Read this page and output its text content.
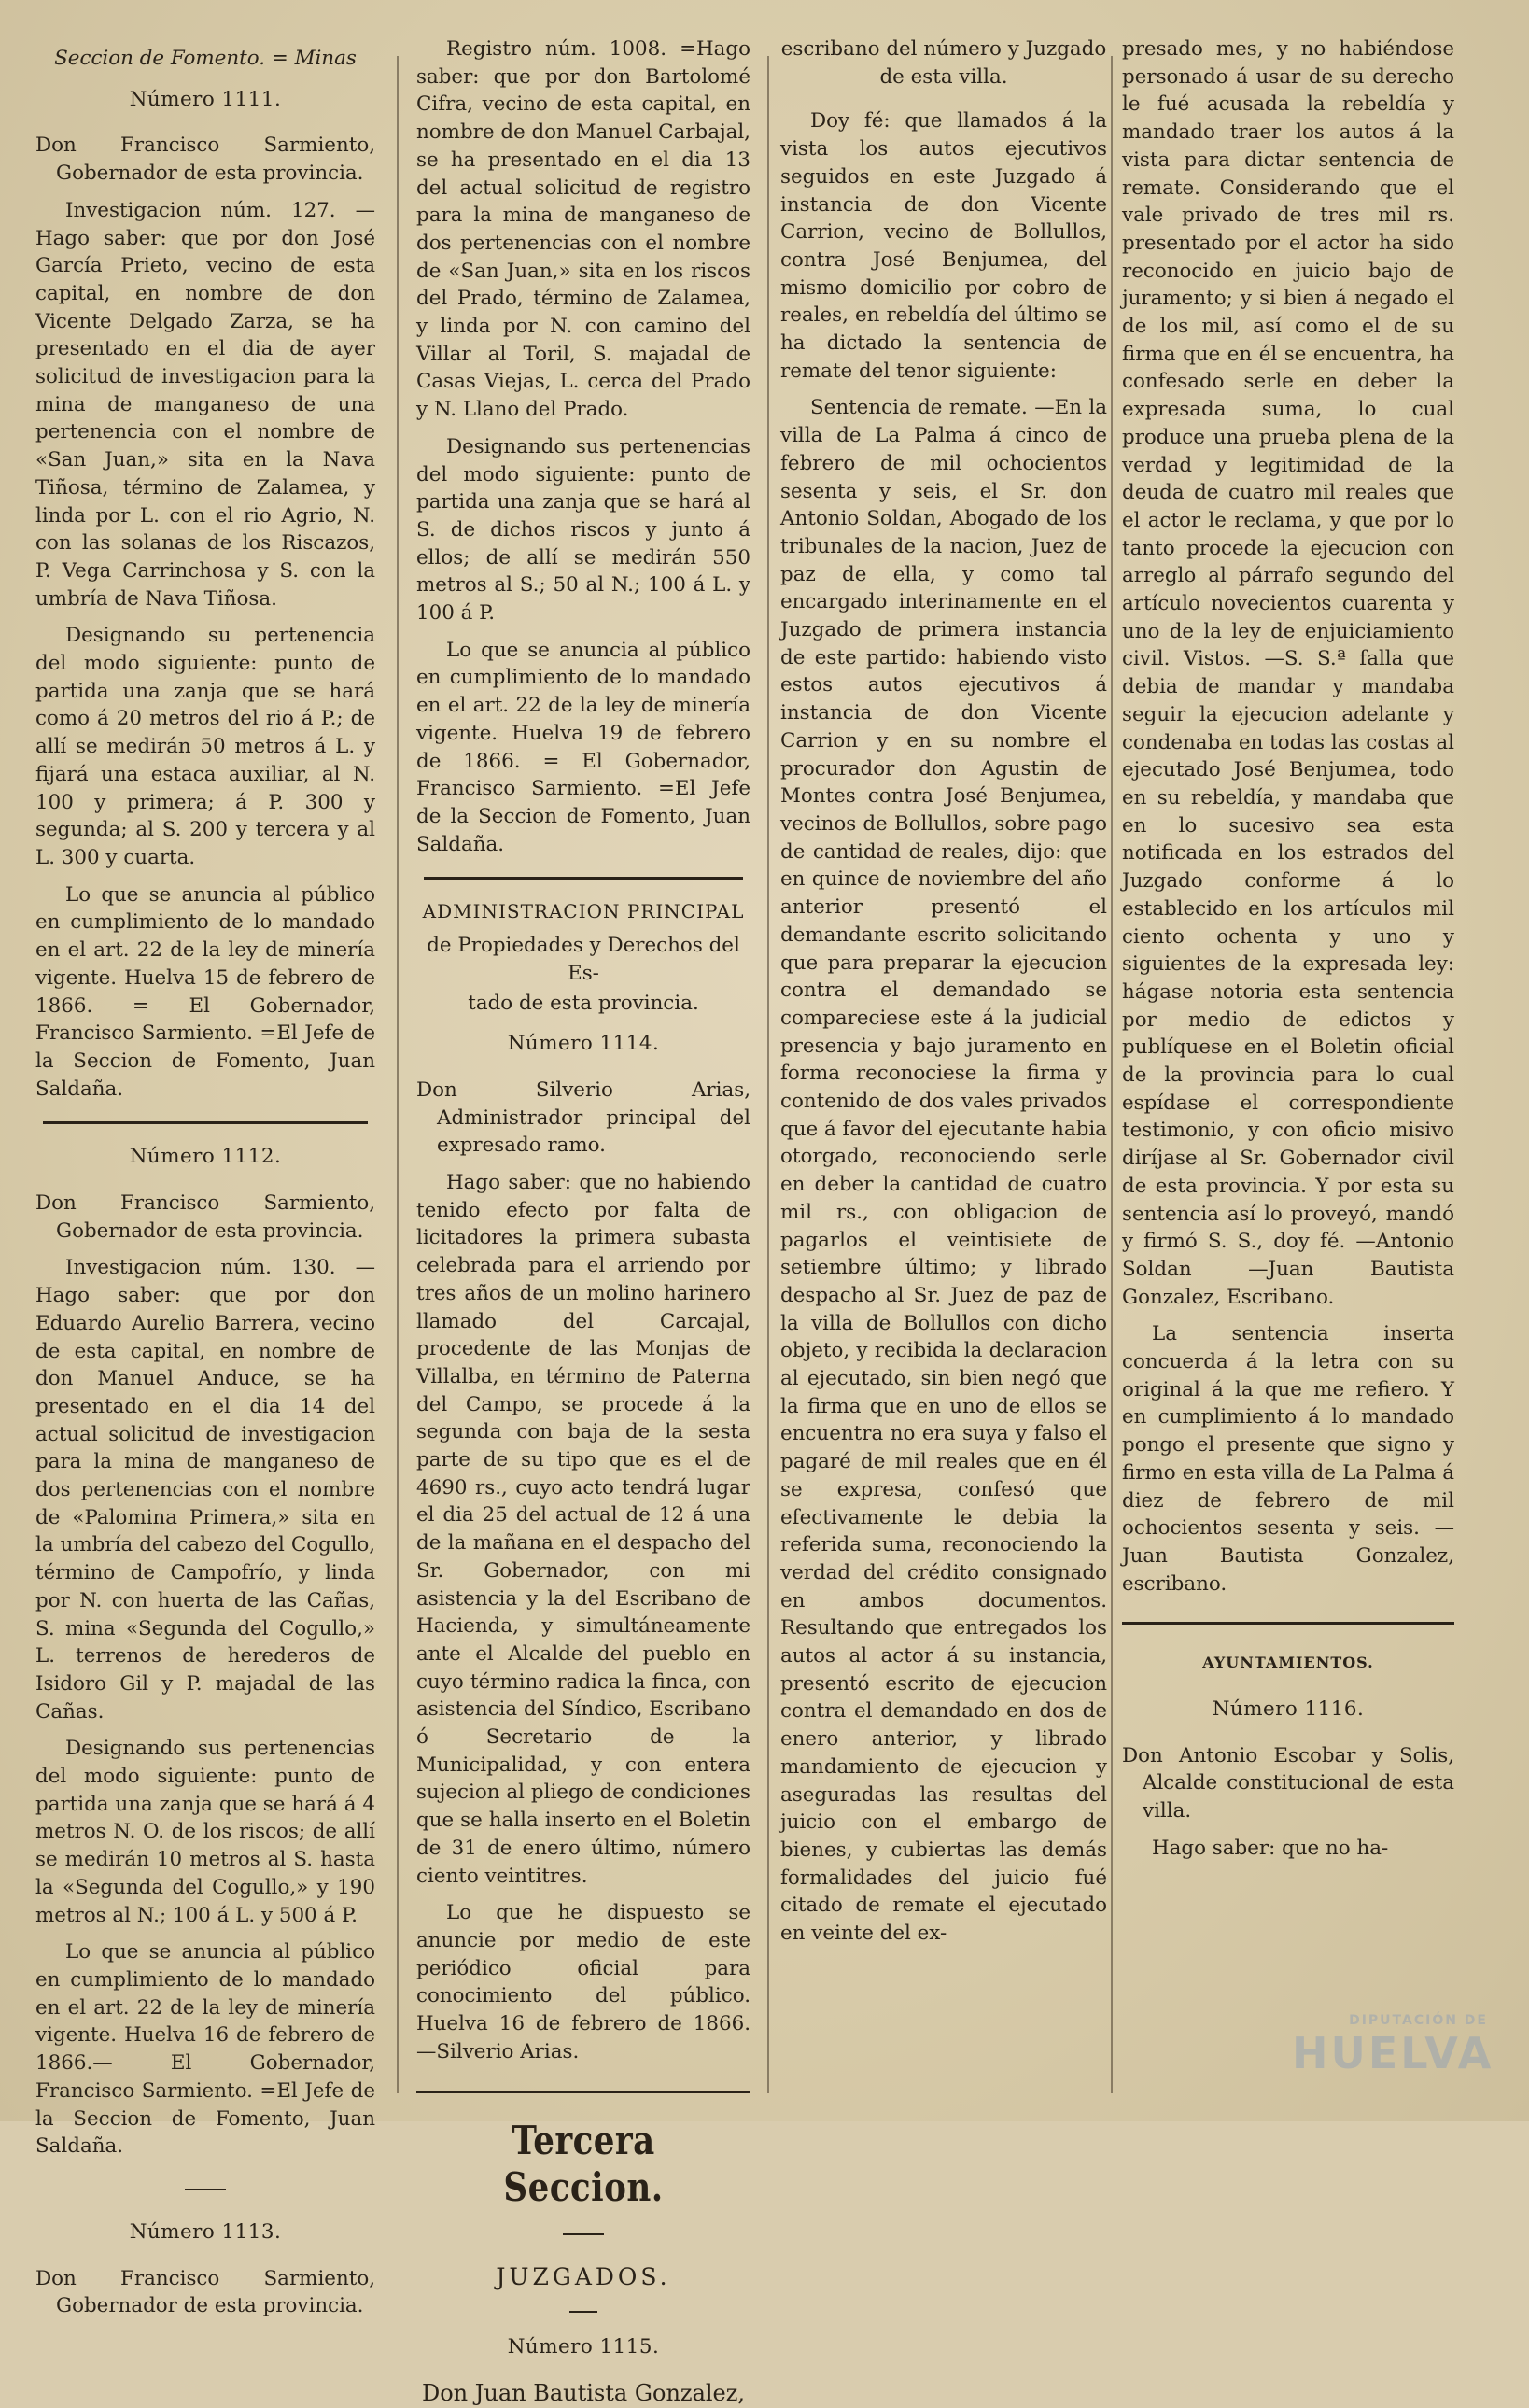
Seccion de Fomento. = Minas

Número 1111.

Don Francisco Sarmiento, Gobernador de esta provincia.

Investigacion núm. 127. —Hago saber: que por don José García Prieto, vecino de esta capital, en nombre de don Vicente Delgado Zarza, se ha presentado en el dia de ayer solicitud de investigacion para la mina de manganeso de una pertenencia con el nombre de «San Juan,» sita en la Nava Tiñosa, término de Zalamea, y linda por L. con el rio Agrio, N. con las solanas de los Riscazos, P. Vega Carrinchosa y S. con la umbría de Nava Tiñosa.

Designando su pertenencia del modo siguiente: punto de partida una zanja que se hará como á 20 metros del rio á P.; de allí se medirán 50 metros á L. y fijará una estaca auxiliar, al N. 100 y primera; á P. 300 y segunda; al S. 200 y tercera y al L. 300 y cuarta.

Lo que se anuncia al público en cumplimiento de lo mandado en el art. 22 de la ley de minería vigente. Huelva 15 de febrero de 1866. = El Gobernador, Francisco Sarmiento. =El Jefe de la Seccion de Fomento, Juan Saldaña.

Número 1112.

Don Francisco Sarmiento, Gobernador de esta provincia.

Investigacion núm. 130. —Hago saber: que por don Eduardo Aurelio Barrera, vecino de esta capital, en nombre de don Manuel Anduce, se ha presentado en el dia 14 del actual solicitud de investigacion para la mina de manganeso de dos pertenencias con el nombre de «Palomina Primera,» sita en la umbría del cabezo del Cogullo, término de Campofrío, y linda por N. con huerta de las Cañas, S. mina «Segunda del Cogullo,» L. terrenos de herederos de Isidoro Gil y P. majadal de las Cañas.

Designando sus pertenencias del modo siguiente: punto de partida una zanja que se hará á 4 metros N. O. de los riscos; de allí se medirán 10 metros al S. hasta la «Segunda del Cogullo,» y 190 metros al N.; 100 á L. y 500 á P.

Lo que se anuncia al público en cumplimiento de lo mandado en el art. 22 de la ley de minería vigente. Huelva 16 de febrero de 1866.— El Gobernador, Francisco Sarmiento. =El Jefe de la Seccion de Fomento, Juan Saldaña.

Número 1113.

Don Francisco Sarmiento, Gobernador de esta provincia.

Registro núm. 1008. =Hago saber: que por don Bartolomé Cifra, vecino de esta capital, en nombre de don Manuel Carbajal, se ha presentado en el dia 13 del actual solicitud de registro para la mina de manganeso de dos pertenencias con el nombre de «San Juan,» sita en los riscos del Prado, término de Zalamea, y linda por N. con camino del Villar al Toril, S. majadal de Casas Viejas, L. cerca del Prado y N. Llano del Prado.

Designando sus pertenencias del modo siguiente: punto de partida una zanja que se hará al S. de dichos riscos y junto á ellos; de allí se medirán 550 metros al S.; 50 al N.; 100 á L. y 100 á P.

Lo que se anuncia al público en cumplimiento de lo mandado en el art. 22 de la ley de minería vigente. Huelva 19 de febrero de 1866. = El Gobernador, Francisco Sarmiento. =El Jefe de la Seccion de Fomento, Juan Saldaña.

ADMINISTRACION PRINCIPAL

de Propiedades y Derechos del Es-

tado de esta provincia.

Número 1114.

Don Silverio Arias, Administrador principal del expresado ramo.

Hago saber: que no habiendo tenido efecto por falta de licitadores la primera subasta celebrada para el arriendo por tres años de un molino harinero llamado del Carcajal, procedente de las Monjas de Villalba, en término de Paterna del Campo, se procede á la segunda con baja de la sesta parte de su tipo que es el de 4690 rs., cuyo acto tendrá lugar el dia 25 del actual de 12 á una de la mañana en el despacho del Sr. Gobernador, con mi asistencia y la del Escribano de Hacienda, y simultáneamente ante el Alcalde del pueblo en cuyo término radica la finca, con asistencia del Síndico, Escribano ó Secretario de la Municipalidad, y con entera sujecion al pliego de condiciones que se halla inserto en el Boletin de 31 de enero último, número ciento veintitres.

Lo que he dispuesto se anuncie por medio de este periódico oficial para conocimiento del público. Huelva 16 de febrero de 1866. —Silverio Arias.

Tercera Seccion.

JUZGADOS.

Número 1115.

Don Juan Bautista Gonzalez,

escribano del número y Juzgado de esta villa.

Doy fé: que llamados á la vista los autos ejecutivos seguidos en este Juzgado á instancia de don Vicente Carrion, vecino de Bollullos, contra José Benjumea, del mismo domicilio por cobro de reales, en rebeldía del último se ha dictado la sentencia de remate del tenor siguiente:

Sentencia de remate. —En la villa de La Palma á cinco de febrero de mil ochocientos sesenta y seis, el Sr. don Antonio Soldan, Abogado de los tribunales de la nacion, Juez de paz de ella, y como tal encargado interinamente en el Juzgado de primera instancia de este partido: habiendo visto estos autos ejecutivos á instancia de don Vicente Carrion y en su nombre el procurador don Agustin de Montes contra José Benjumea, vecinos de Bollullos, sobre pago de cantidad de reales, dijo: que en quince de noviembre del año anterior presentó el demandante escrito solicitando que para preparar la ejecucion contra el demandado se compareciese este á la judicial presencia y bajo juramento en forma reconociese la firma y contenido de dos vales privados que á favor del ejecutante habia otorgado, reconociendo serle en deber la cantidad de cuatro mil rs., con obligacion de pagarlos el veintisiete de setiembre último; y librado despacho al Sr. Juez de paz de la villa de Bollullos con dicho objeto, y recibida la declaracion al ejecutado, sin bien negó que la firma que en uno de ellos se encuentra no era suya y falso el pagaré de mil reales que en él se expresa, confesó que efectivamente le debia la referida suma, reconociendo la verdad del crédito consignado en ambos documentos. Resultando que entregados los autos al actor á su instancia, presentó escrito de ejecucion contra el demandado en dos de enero anterior, y librado mandamiento de ejecucion y aseguradas las resultas del juicio con el embargo de bienes, y cubiertas las demás formalidades del juicio fué citado de remate el ejecutado en veinte del ex-

presado mes, y no habiéndose personado á usar de su derecho le fué acusada la rebeldía y mandado traer los autos á la vista para dictar sentencia de remate. Considerando que el vale privado de tres mil rs. presentado por el actor ha sido reconocido en juicio bajo de juramento; y si bien á negado el de los mil, así como el de su firma que en él se encuentra, ha confesado serle en deber la expresada suma, lo cual produce una prueba plena de la verdad y legitimidad de la deuda de cuatro mil reales que el actor le reclama, y que por lo tanto procede la ejecucion con arreglo al párrafo segundo del artículo novecientos cuarenta y uno de la ley de enjuiciamiento civil. Vistos. —S. S.ª falla que debia de mandar y mandaba seguir la ejecucion adelante y condenaba en todas las costas al ejecutado José Benjumea, todo en su rebeldía, y mandaba que en lo sucesivo sea esta notificada en los estrados del Juzgado conforme á lo establecido en los artículos mil ciento ochenta y uno y siguientes de la expresada ley: hágase notoria esta sentencia por medio de edictos y publíquese en el Boletin oficial de la provincia para lo cual espídase el correspondiente testimonio, y con oficio misivo diríjase al Sr. Gobernador civil de esta provincia. Y por esta su sentencia así lo proveyó, mandó y firmó S. S., doy fé. —Antonio Soldan —Juan Bautista Gonzalez, Escribano.

La sentencia inserta concuerda á la letra con su original á la que me refiero. Y en cumplimiento á lo mandado pongo el presente que signo y firmo en esta villa de La Palma á diez de febrero de mil ochocientos sesenta y seis. —Juan Bautista Gonzalez, escribano.

AYUNTAMIENTOS.

Número 1116.

Don Antonio Escobar y Solis, Alcalde constitucional de esta villa.

Hago saber: que no ha-

DIPUTACIÓN DE
HUELVA
